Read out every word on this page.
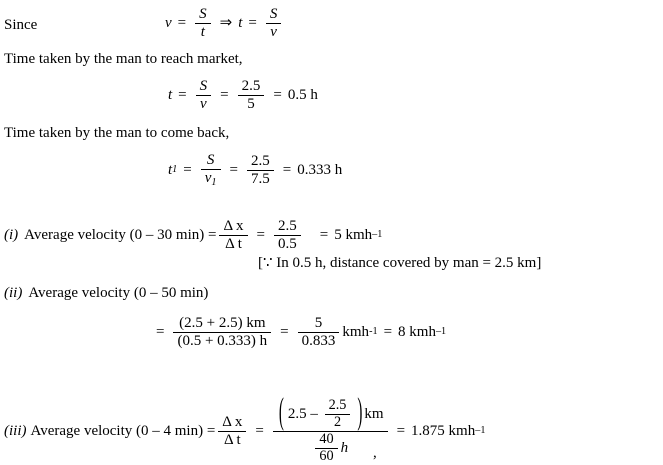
Since	$v = \frac{S}{t}$ ⇒ $t = \frac{S}{v}$
Time taken by the man to reach market,
$t = \frac{S}{v} = \frac{2.5}{5} = 0.5$ h
Time taken by the man to come back,
t $1 = \frac{S}{v_1} = \frac{2.5}{7.5} = 0.333$ h
(i) Average velocity (0 – 30 $\min) = \frac{\text{Δ x}}{\text{Δ t}} = \frac{2.5}{0.5} = 5$ kmh –1
[∵ In 0.5 h, distance covered by man = 2.5 km]
(ii) Average velocity (0 – 50 min)
= $\frac{(2.5 + 2.5) km}{(0.5 + 0.333) h} = \frac{5}{0.833}$ kmh -1 = 8 kmh –1
(iii) Average velocity (0 – 4 $\min) = \frac{\text{Δ x}}{\text{Δ t}}$ =
( $2.5 - \frac{2.5}{2}$
) km
$\frac{40}{60}$ h
= 1.875 kmh –1
,
